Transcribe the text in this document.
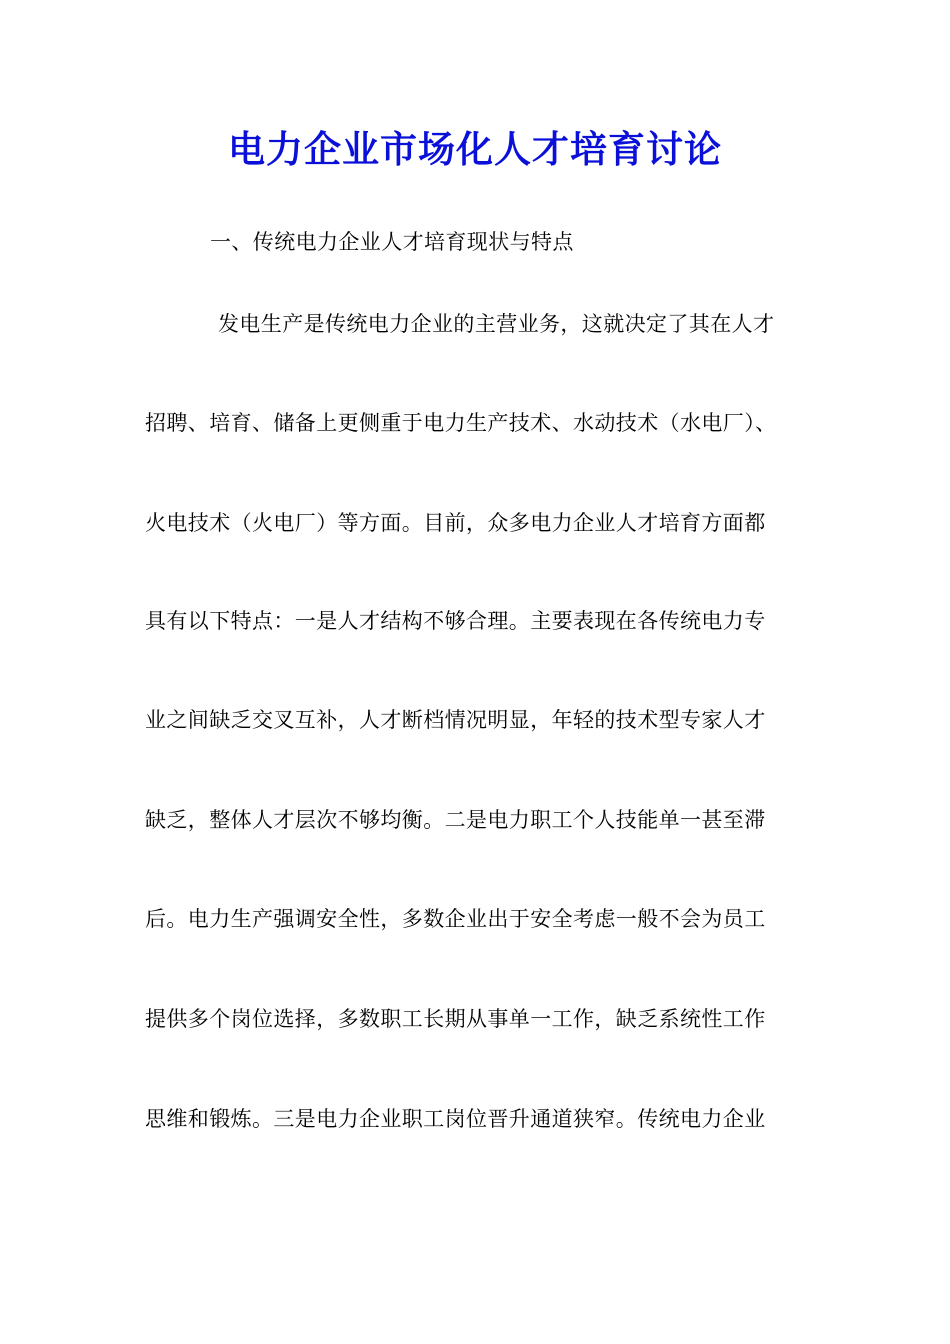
电力企业市场化人才培育讨论
一、传统电力企业人才培育现状与特点
发电生产是传统电力企业的主营业务，这就决定了其在人才
招聘、培育、储备上更侧重于电力生产技术、水动技术（水电厂）、
火电技术（火电厂）等方面。目前，众多电力企业人才培育方面都
具有以下特点：一是人才结构不够合理。主要表现在各传统电力专
业之间缺乏交叉互补，人才断档情况明显，年轻的技术型专家人才
缺乏，整体人才层次不够均衡。二是电力职工个人技能单一甚至滞
后。电力生产强调安全性，多数企业出于安全考虑一般不会为员工
提供多个岗位选择，多数职工长期从事单一工作，缺乏系统性工作
思维和锻炼。三是电力企业职工岗位晋升通道狭窄。传统电力企业
